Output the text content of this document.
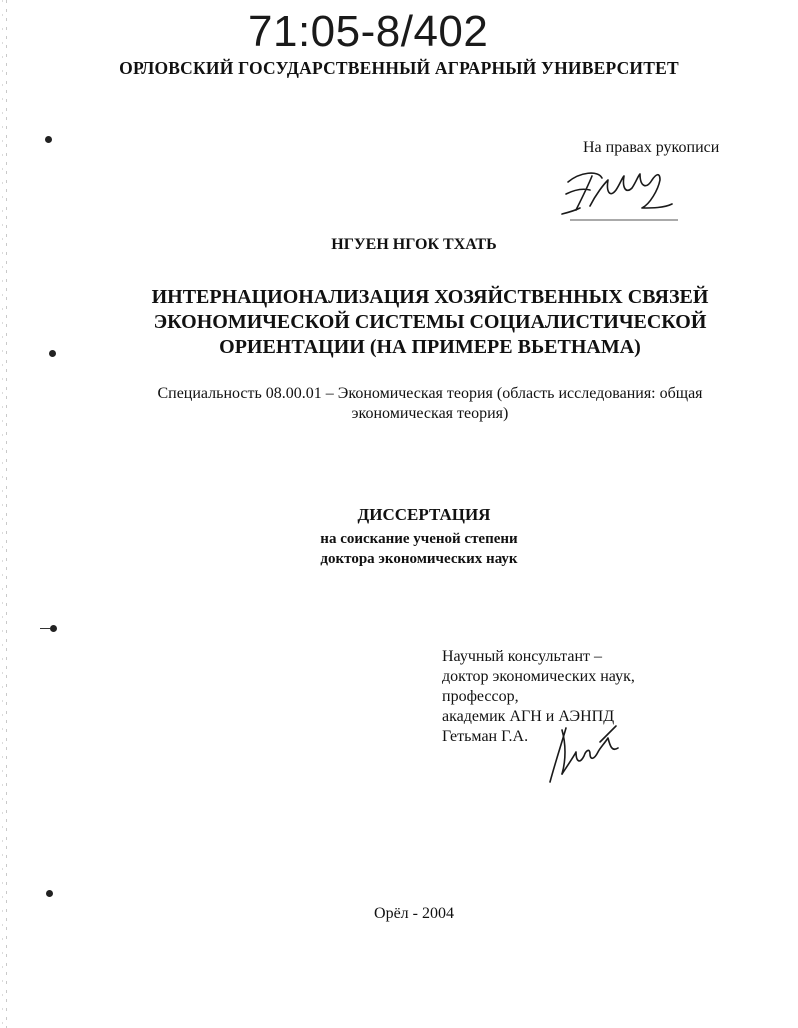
71:05-8/402
ОРЛОВСКИЙ ГОСУДАРСТВЕННЫЙ АГРАРНЫЙ УНИВЕРСИТЕТ
На правах рукописи
НГУЕН НГОК ТХАТЬ
ИНТЕРНАЦИОНАЛИЗАЦИЯ ХОЗЯЙСТВЕННЫХ СВЯЗЕЙ
ЭКОНОМИЧЕСКОЙ СИСТЕМЫ СОЦИАЛИСТИЧЕСКОЙ
ОРИЕНТАЦИИ (НА ПРИМЕРЕ ВЬЕТНАМА)
Специальность 08.00.01 – Экономическая теория (область исследования: общая
экономическая теория)
ДИССЕРТАЦИЯ
на соискание ученой степени
доктора экономических наук
Научный консультант –
доктор экономических наук,
профессор,
академик АГН и АЭНПД
Гетьман Г.А.
Орёл - 2004
